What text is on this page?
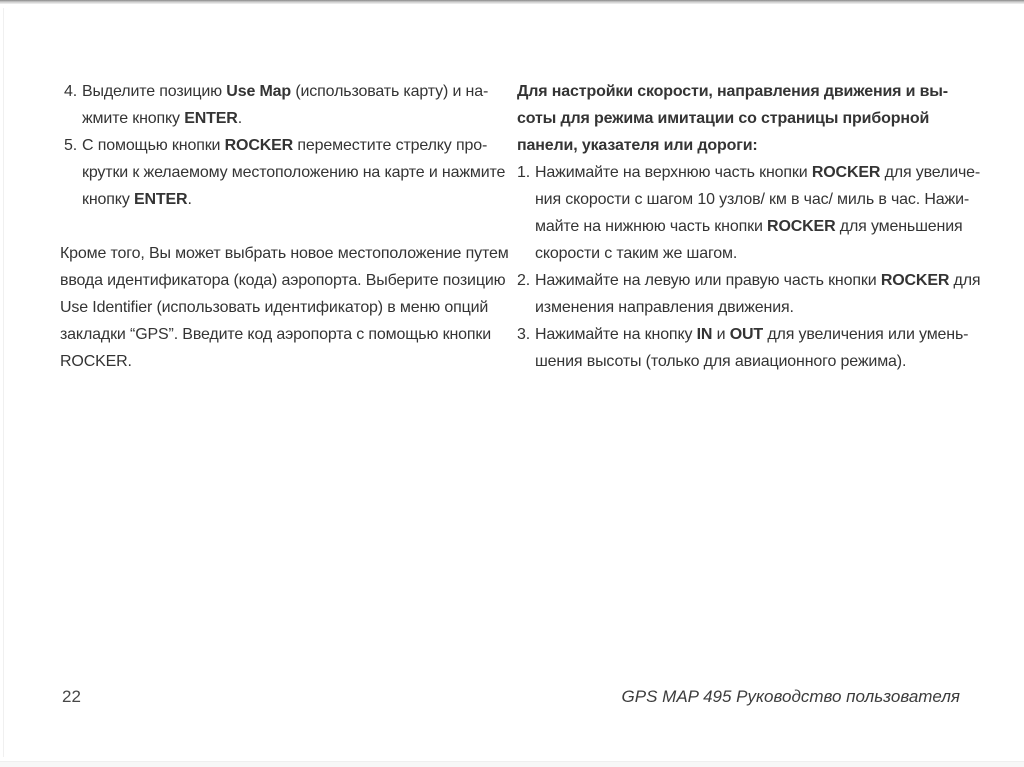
4. Выделите позицию Use Map (использовать карту) и на-
жмите кнопку ENTER.
5. С помощью кнопки ROCKER переместите стрелку про-
крутки к желаемому местоположению на карте и нажмите
кнопку ENTER.
Кроме того, Вы может выбрать новое местоположение путем
ввода идентификатора (кода) аэропорта. Выберите позицию
Use Identifier (использовать идентификатор) в меню опций
закладки “GPS”. Введите код аэропорта с помощью кнопки
ROCKER.
Для настройки скорости, направления движения и вы-
соты для режима имитации со страницы приборной
панели, указателя или дороги:
1. Нажимайте на верхнюю часть кнопки ROCKER для увеличе-
ния скорости с шагом 10 узлов/ км в час/ миль в час. Нажи-
майте на нижнюю часть кнопки ROCKER для уменьшения
скорости с таким же шагом.
2. Нажимайте на левую или правую часть кнопки ROCKER для
изменения направления движения.
3. Нажимайте на кнопку IN и OUT для увеличения или умень-
шения высоты (только для авиационного режима).
22	GPS MAP 495 Руководство пользователя
